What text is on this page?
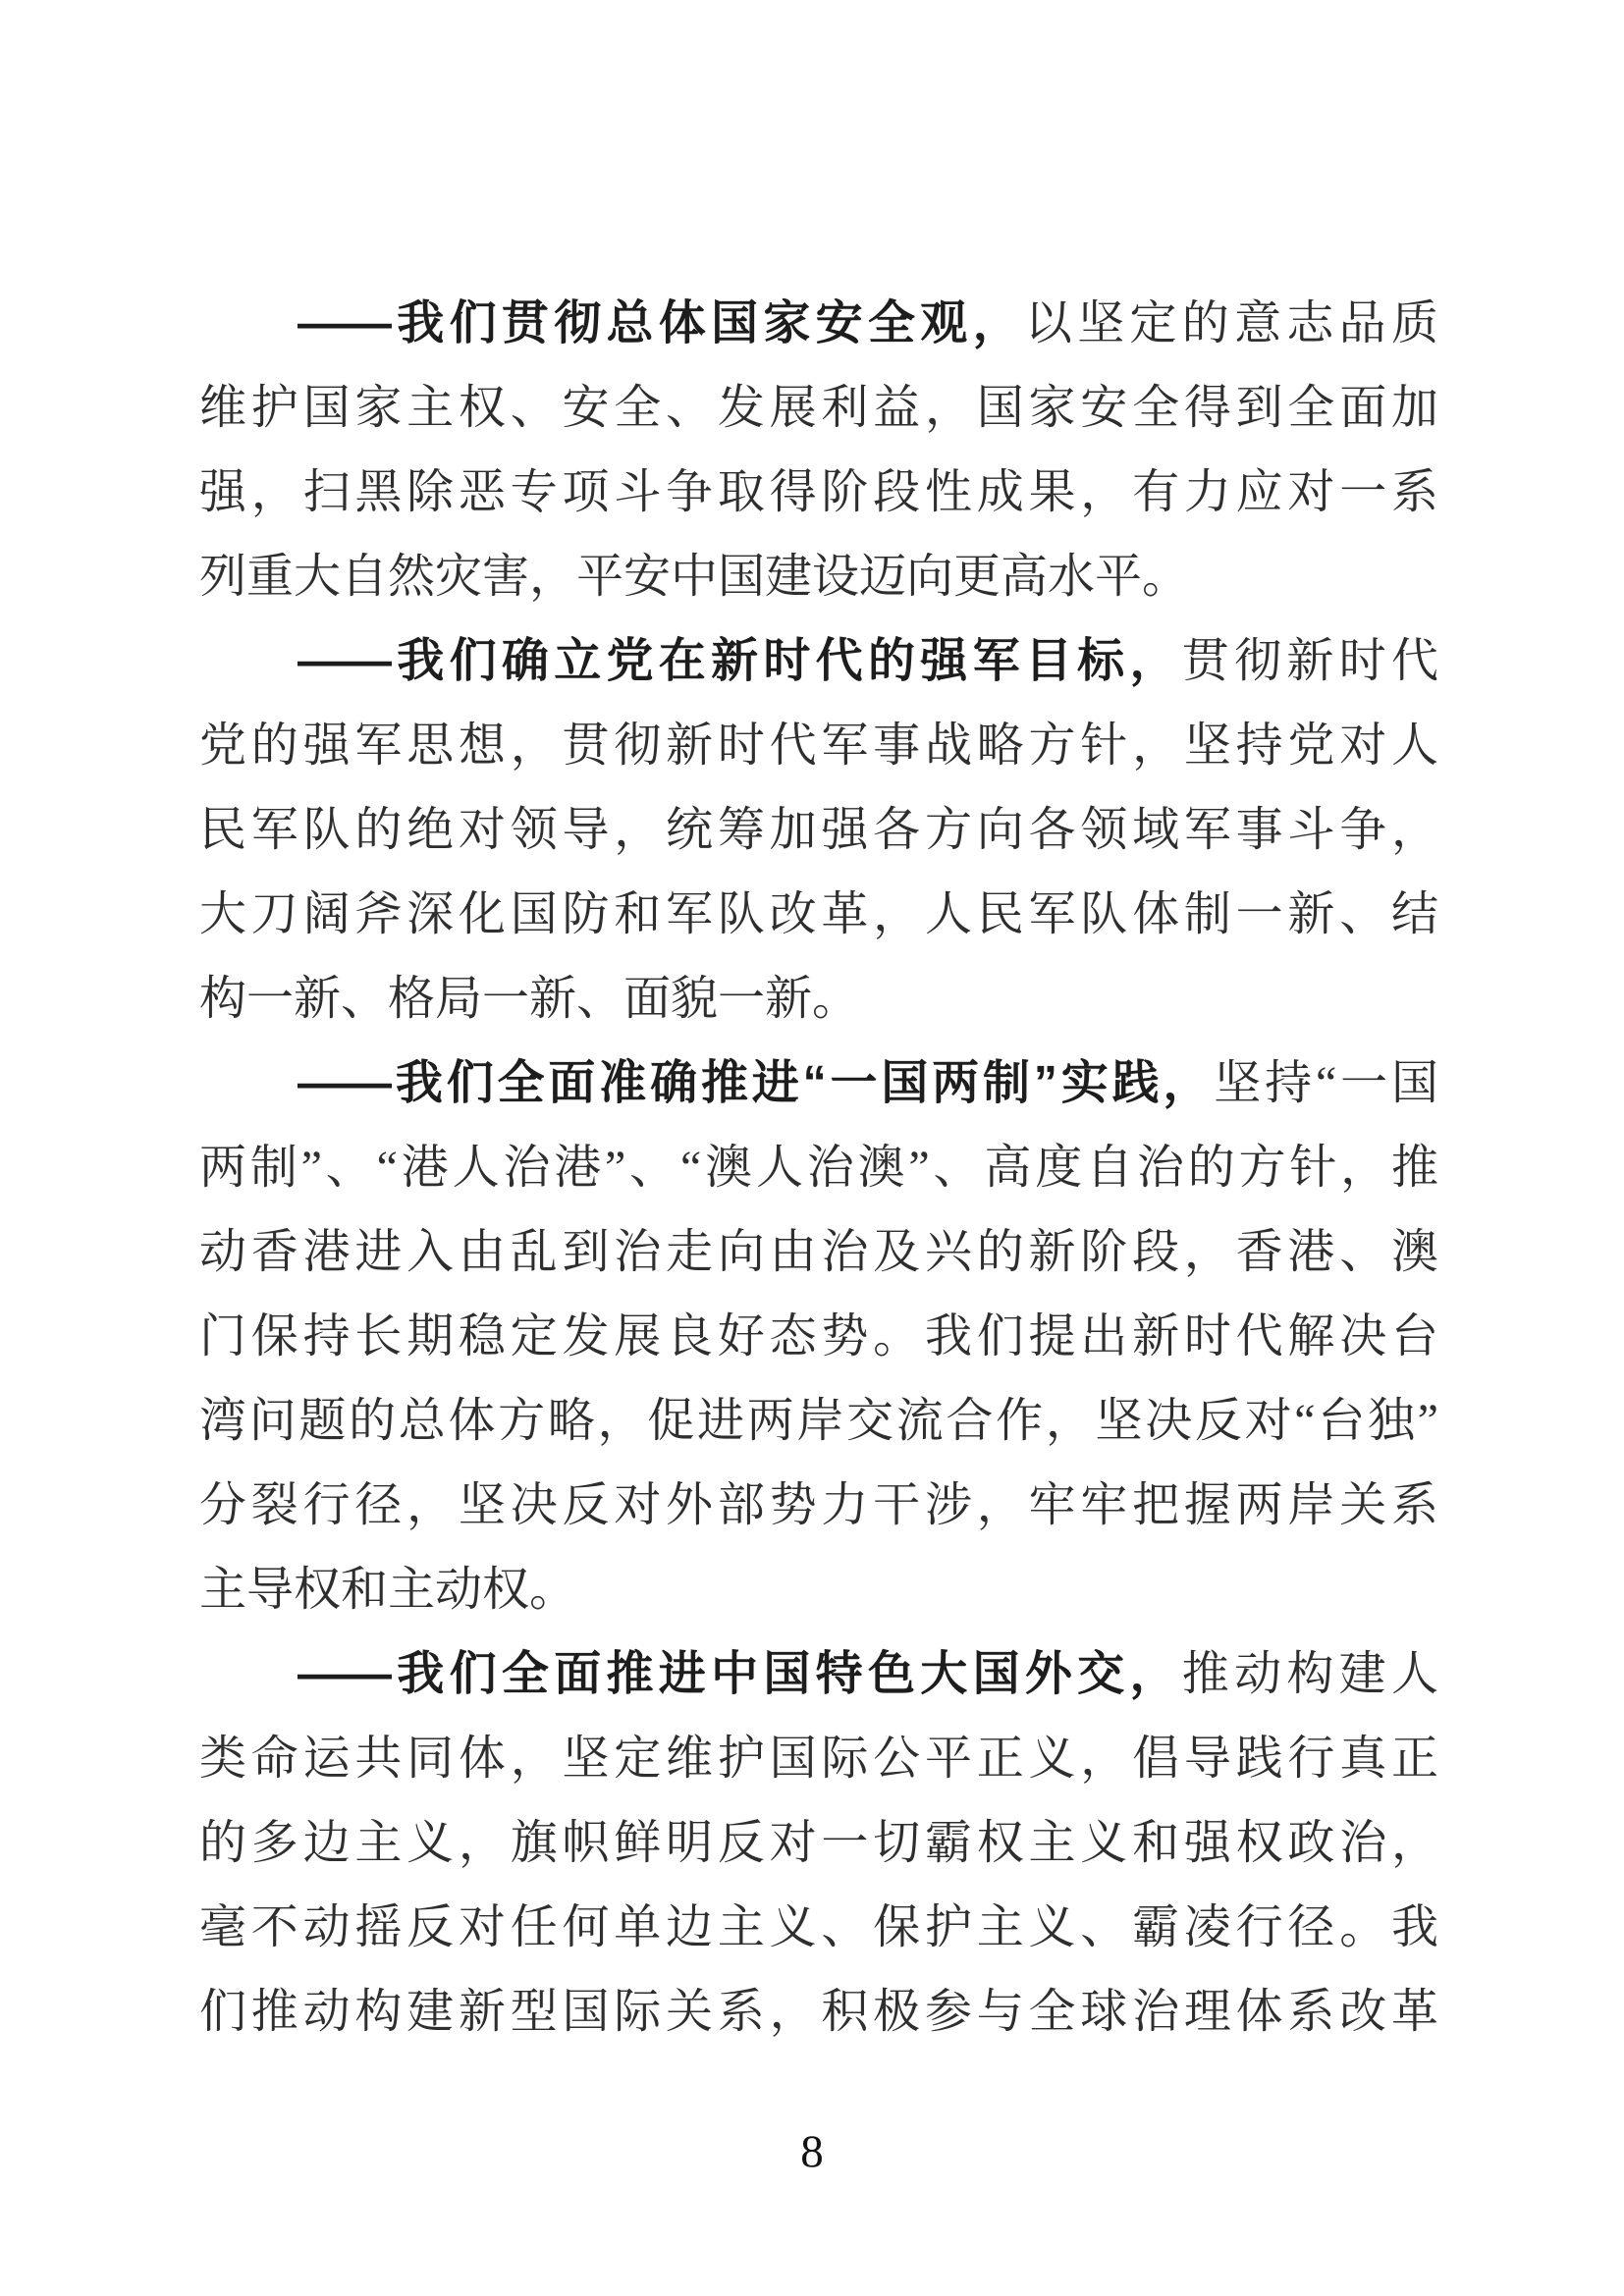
——我们贯彻总体国家安全观，以坚定的意志品质
维护国家主权、安全、发展利益，国家安全得到全面加
强，扫黑除恶专项斗争取得阶段性成果，有力应对一系
列重大自然灾害，平安中国建设迈向更高水平。
——我们确立党在新时代的强军目标，贯彻新时代
党的强军思想，贯彻新时代军事战略方针，坚持党对人
民军队的绝对领导，统筹加强各方向各领域军事斗争，
大刀阔斧深化国防和军队改革，人民军队体制一新、结
构一新、格局一新、面貌一新。
——我们全面准确推进“一国两制”实践，坚持“一国
两制”、“港人治港”、“澳人治澳”、高度自治的方针，推
动香港进入由乱到治走向由治及兴的新阶段，香港、澳
门保持长期稳定发展良好态势。我们提出新时代解决台
湾问题的总体方略，促进两岸交流合作，坚决反对“台独”
分裂行径，坚决反对外部势力干涉，牢牢把握两岸关系
主导权和主动权。
——我们全面推进中国特色大国外交，推动构建人
类命运共同体，坚定维护国际公平正义，倡导践行真正
的多边主义，旗帜鲜明反对一切霸权主义和强权政治，
毫不动摇反对任何单边主义、保护主义、霸凌行径。我
们推动构建新型国际关系，积极参与全球治理体系改革
8
